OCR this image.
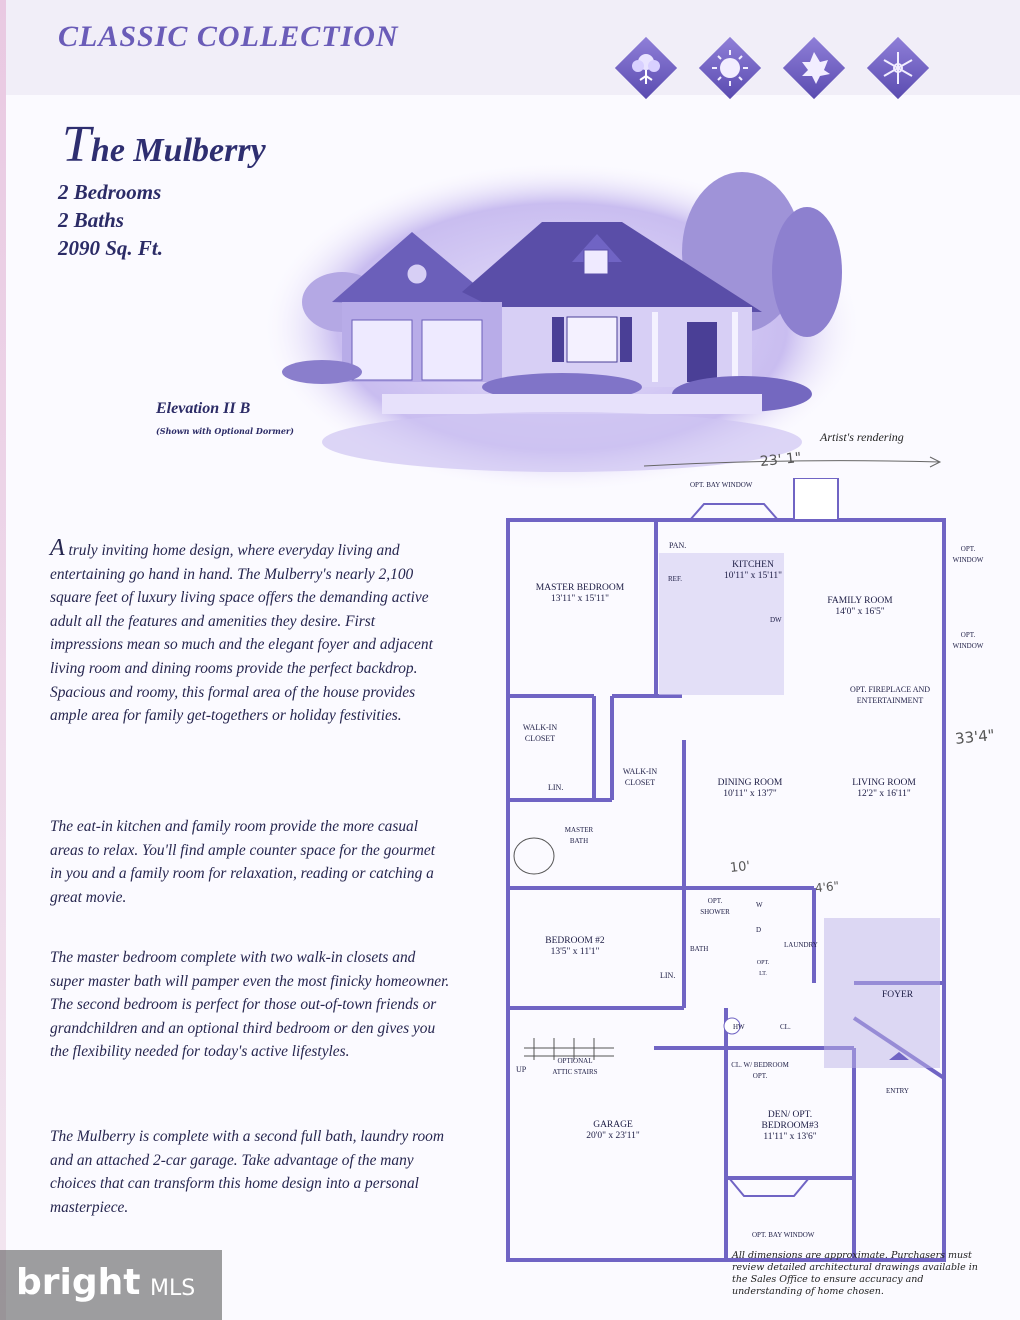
CLASSIC COLLECTION
The Mulberry
2 Bedrooms
2 Baths
2090 Sq. Ft.
Elevation II B
(Shown with Optional Dormer)	Artist's rendering
23' 1"
33'4"
10'
4'6"

A truly inviting home design, where everyday living and entertaining go hand in hand. The Mulberry's nearly 2,100 square feet of luxury living space offers the demanding active adult all the features and amenities they desire. First impressions mean so much and the elegant foyer and adjacent living room and dining rooms provide the perfect backdrop. Spacious and roomy, this formal area of the house provides ample area for family get-togethers or holiday festivities.

The eat-in kitchen and family room provide the more casual areas to relax. You'll find ample counter space for the gourmet in you and a family room for relaxation, reading or catching a great movie.

The master bedroom complete with two walk-in closets and super master bath will pamper even the most finicky homeowner. The second bedroom is perfect for those out-of-town friends or grandchildren and an optional third bedroom or den gives you the flexibility needed for today's active lifestyles.

The Mulberry is complete with a second full bath, laundry room and an attached 2-car garage. Take advantage of the many choices that can transform this home design into a personal masterpiece.

OPT. BAY WINDOW
PAN.
KITCHEN
10'11" x 15'11"
REF.
DW
MASTER BEDROOM
13'11" x 15'11"	FAMILY ROOM
14'0" x 16'5"
OPT. WINDOW
OPT. WINDOW
OPT. FIREPLACE AND ENTERTAINMENT
WALK-IN CLOSET
WALK-IN CLOSET
LIN.
MASTER BATH
DINING ROOM
10'11" x 13'7"
LIVING ROOM
12'2" x 16'11"
BEDROOM #2
13'5" x 11'1"
LIN.
OPT. SHOWER
BATH
W
D
LAUNDRY
OPT. LT.
FOYER
HW	CL.
CL. W/ BEDROOM OPT.
UP
OPTIONAL ATTIC STAIRS
GARAGE
20'0" x 23'11"
DEN/ OPT. BEDROOM#3
11'11" x 13'6"
ENTRY
OPT. BAY WINDOW
All dimensions are approximate. Purchasers must review detailed architectural drawings available in the Sales Office to ensure accuracy and understanding of home chosen.
bright MLS
